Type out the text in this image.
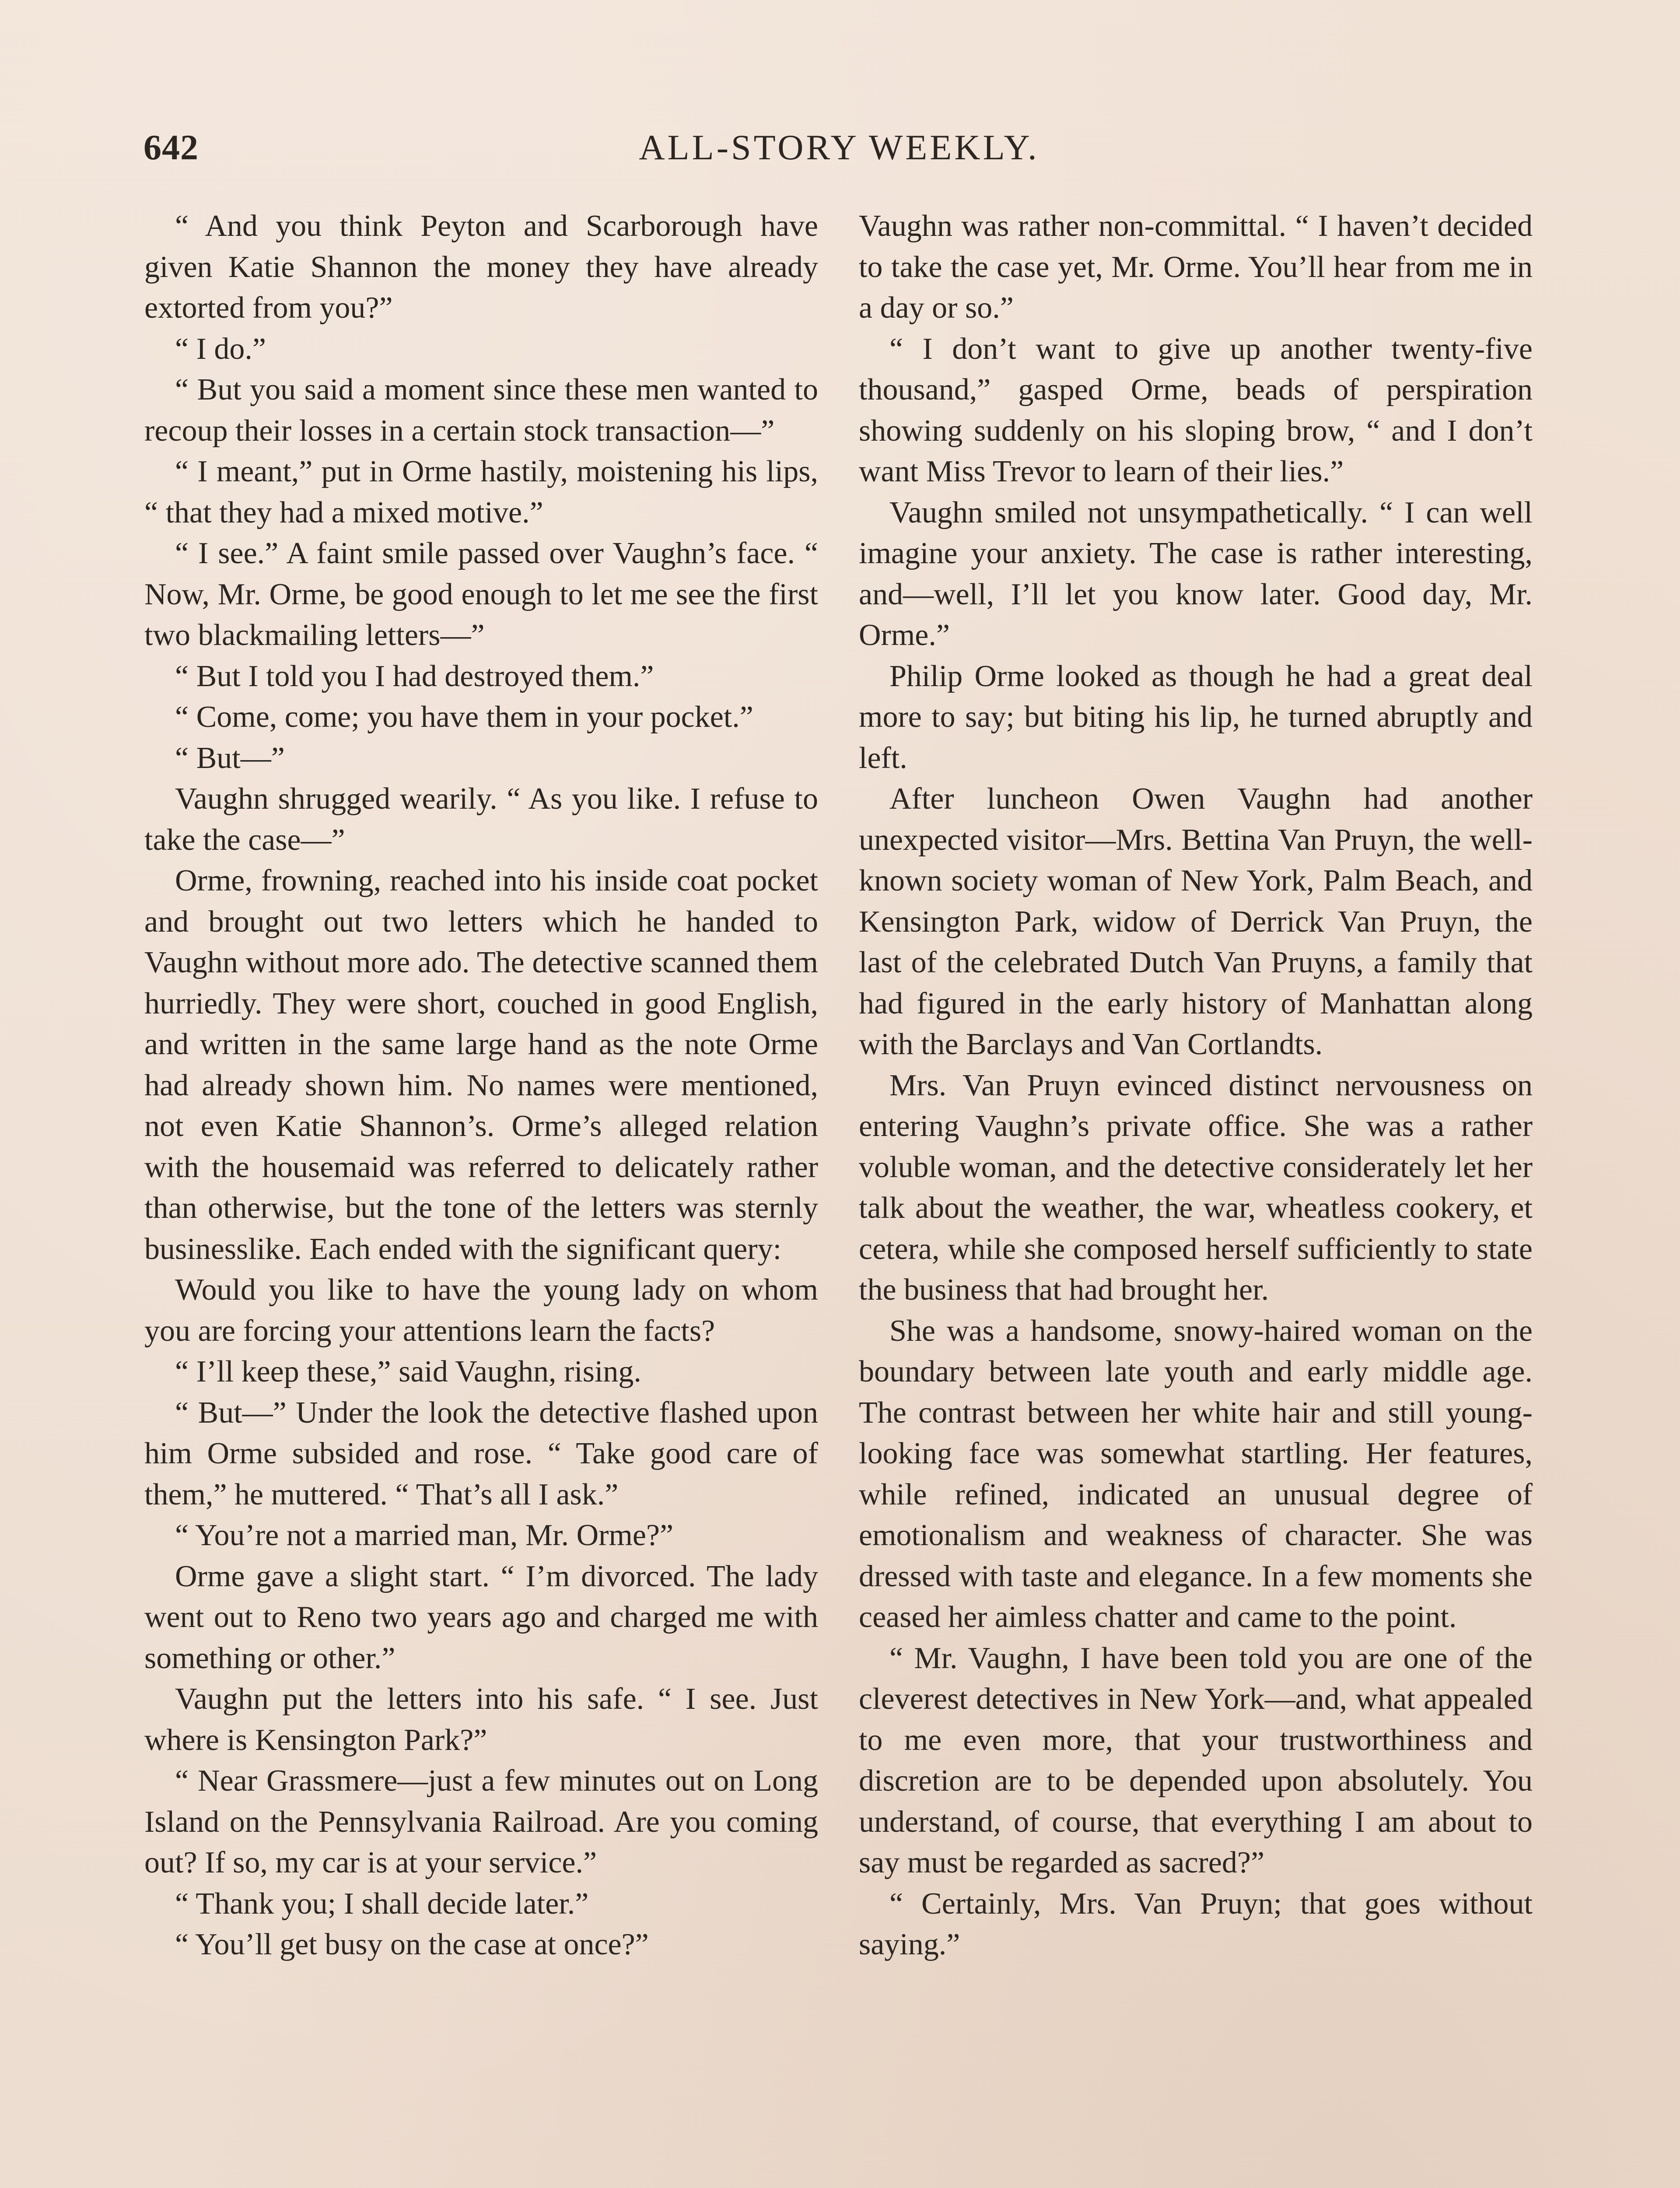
642	ALL-STORY WEEKLY.

“ And you think Peyton and Scarborough have given Katie Shannon the money they have already extorted from you?”

“ I do.”

“ But you said a moment since these men wanted to recoup their losses in a certain stock transaction—”

“ I meant,” put in Orme hastily, moistening his lips, “ that they had a mixed motive.”

“ I see.” A faint smile passed over Vaughn’s face. “ Now, Mr. Orme, be good enough to let me see the first two blackmailing letters—”

“ But I told you I had destroyed them.”

“ Come, come; you have them in your pocket.”

“ But—”

Vaughn shrugged wearily. “ As you like. I refuse to take the case—”

Orme, frowning, reached into his inside coat pocket and brought out two letters which he handed to Vaughn without more ado. The detective scanned them hurriedly. They were short, couched in good English, and written in the same large hand as the note Orme had already shown him. No names were mentioned, not even Katie Shannon’s. Orme’s alleged relation with the housemaid was referred to delicately rather than otherwise, but the tone of the letters was sternly businesslike. Each ended with the significant query:

Would you like to have the young lady on whom you are forcing your attentions learn the facts?

“ I’ll keep these,” said Vaughn, rising.

“ But—” Under the look the detective flashed upon him Orme subsided and rose. “ Take good care of them,” he muttered. “ That’s all I ask.”

“ You’re not a married man, Mr. Orme?”

Orme gave a slight start. “ I’m divorced. The lady went out to Reno two years ago and charged me with something or other.”

Vaughn put the letters into his safe. “ I see. Just where is Kensington Park?”

“ Near Grassmere—just a few minutes out on Long Island on the Pennsylvania Railroad. Are you coming out? If so, my car is at your service.”

“ Thank you; I shall decide later.”

“ You’ll get busy on the case at once?”

Vaughn was rather non-committal. “ I haven’t decided to take the case yet, Mr. Orme. You’ll hear from me in a day or so.”

“ I don’t want to give up another twenty-five thousand,” gasped Orme, beads of perspiration showing suddenly on his sloping brow, “ and I don’t want Miss Trevor to learn of their lies.”

Vaughn smiled not unsympathetically. “ I can well imagine your anxiety. The case is rather interesting, and—well, I’ll let you know later. Good day, Mr. Orme.”

Philip Orme looked as though he had a great deal more to say; but biting his lip, he turned abruptly and left.

After luncheon Owen Vaughn had another unexpected visitor—Mrs. Bettina Van Pruyn, the well-known society woman of New York, Palm Beach, and Kensington Park, widow of Derrick Van Pruyn, the last of the celebrated Dutch Van Pruyns, a family that had figured in the early history of Manhattan along with the Barclays and Van Cortlandts.

Mrs. Van Pruyn evinced distinct nervousness on entering Vaughn’s private office. She was a rather voluble woman, and the detective considerately let her talk about the weather, the war, wheatless cookery, et cetera, while she composed herself sufficiently to state the business that had brought her.

She was a handsome, snowy-haired woman on the boundary between late youth and early middle age. The contrast between her white hair and still young-looking face was somewhat startling. Her features, while refined, indicated an unusual degree of emotionalism and weakness of character. She was dressed with taste and elegance. In a few moments she ceased her aimless chatter and came to the point.

“ Mr. Vaughn, I have been told you are one of the cleverest detectives in New York—and, what appealed to me even more, that your trustworthiness and discretion are to be depended upon absolutely. You understand, of course, that everything I am about to say must be regarded as sacred?”

“ Certainly, Mrs. Van Pruyn; that goes without saying.”
